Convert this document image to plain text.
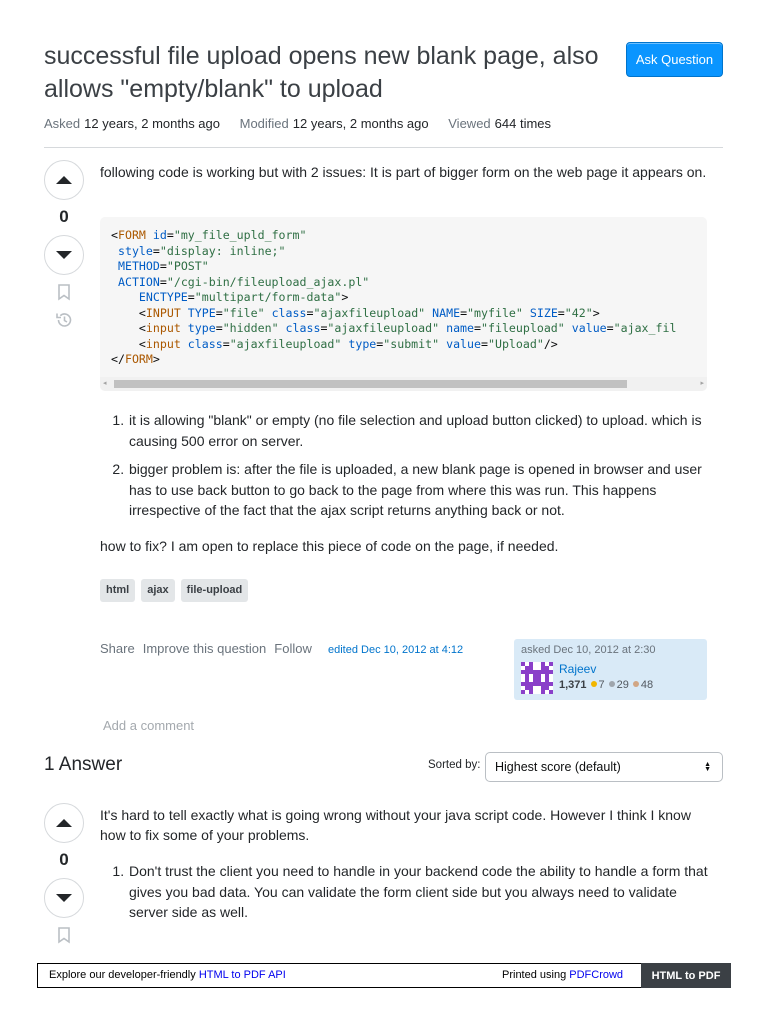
successful file upload opens new blank page, also allows "empty/blank" to upload
Ask Question
Asked 12 years, 2 months ago Modified 12 years, 2 months ago Viewed 644 times
0

following code is working but with 2 issues: It is part of bigger form on the web page it appears on.

<FORM id="my_file_upld_form"
style="display: inline;"
METHOD="POST"
ACTION="/cgi-bin/fileupload_ajax.pl"
ENCTYPE="multipart/form-data">
<INPUT TYPE="file" class="ajaxfileupload" NAME="myfile" SIZE="42">
<input type="hidden" class="ajaxfileupload" name="fileupload" value="ajax_fil
<input class="ajaxfileupload" type="submit" value="Upload"/>
</FORM>
◂	▸
1. it is allowing "blank" or empty (no file selection and upload button clicked) to upload. which is causing 500 error on server.
2. bigger problem is: after the file is uploaded, a new blank page is opened in browser and user has to use back button to go back to the page from where this was run. This happens irrespective of the fact that the ajax script returns anything back or not.

how to fix? I am open to replace this piece of code on the page, if needed.

html	ajax	file-upload
Share Improve this question Follow edited Dec 10, 2012 at 4:12	asked Dec 10, 2012 at 2:30
Rajeev
1,371 7 29 48
Add a comment
1 Answer	Sorted by:	Highest score (default)	▲
▼
0

It's hard to tell exactly what is going wrong without your java script code. However I think I know how to fix some of your problems.

1. Don't trust the client you need to handle in your backend code the ability to handle a form that gives you bad data. You can validate the form client side but you always need to validate server side as well.
Explore our developer-friendly HTML to PDF API	Printed using PDFCrowd	HTML to PDF
